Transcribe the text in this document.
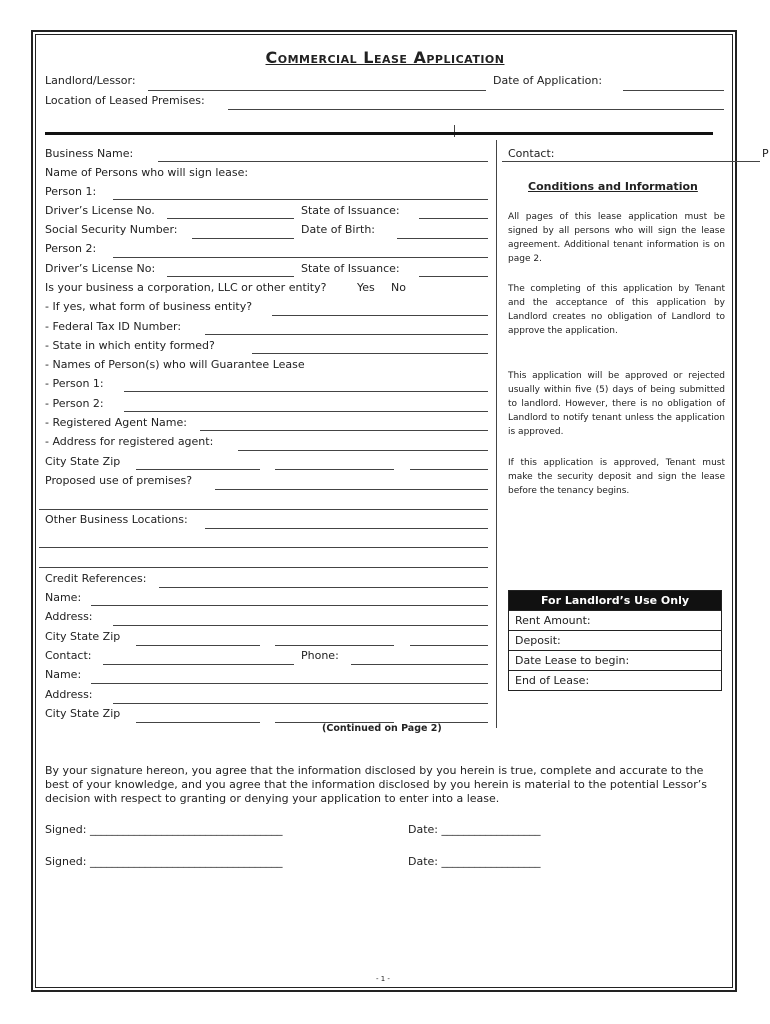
Commercial Lease Application
Landlord/Lessor:	Date of Application:
Location of Leased Premises:
Business Name:
Name of Persons who will sign lease:
Person 1:
Driver’s License No.	State of Issuance:
Social Security Number:	Date of Birth:
Person 2:
Driver’s License No:	State of Issuance:
Is your business a corporation, LLC or other entity?	Yes No
- If yes, what form of business entity?
- Federal Tax ID Number:
- State in which entity formed?
- Names of Person(s) who will Guarantee Lease
- Person 1:
- Person 2:
- Registered Agent Name:
- Address for registered agent:
City State Zip
Proposed use of premises?
Other Business Locations:
Credit References:
Name:
Address:
City State Zip
Contact:	Phone:
Name:
Address:
City State Zip
(Continued on Page 2)
Contact:	P
Conditions and Information
All pages of this lease application must be signed by all persons who will sign the lease agreement. Additional tenant information is on page 2.
The completing of this application by Tenant and the acceptance of this application by Landlord creates no obligation of Landlord to approve the application.
This application will be approved or rejected usually within five (5) days of being submitted to landlord. However, there is no obligation of Landlord to notify tenant unless the application is approved.
If this application is approved, Tenant must make the security deposit and sign the lease before the tenancy begins.
For Landlord’s Use Only
Rent Amount:
Deposit:
Date Lease to begin:
End of Lease:
By your signature hereon, you agree that the information disclosed by you herein is true, complete and accurate to the best of your knowledge, and you agree that the information disclosed by you herein is material to the potential Lessor’s decision with respect to granting or denying your application to enter into a lease.
Signed: ___________________________________	Date: __________________
Signed: ___________________________________	Date: __________________
- 1 -
